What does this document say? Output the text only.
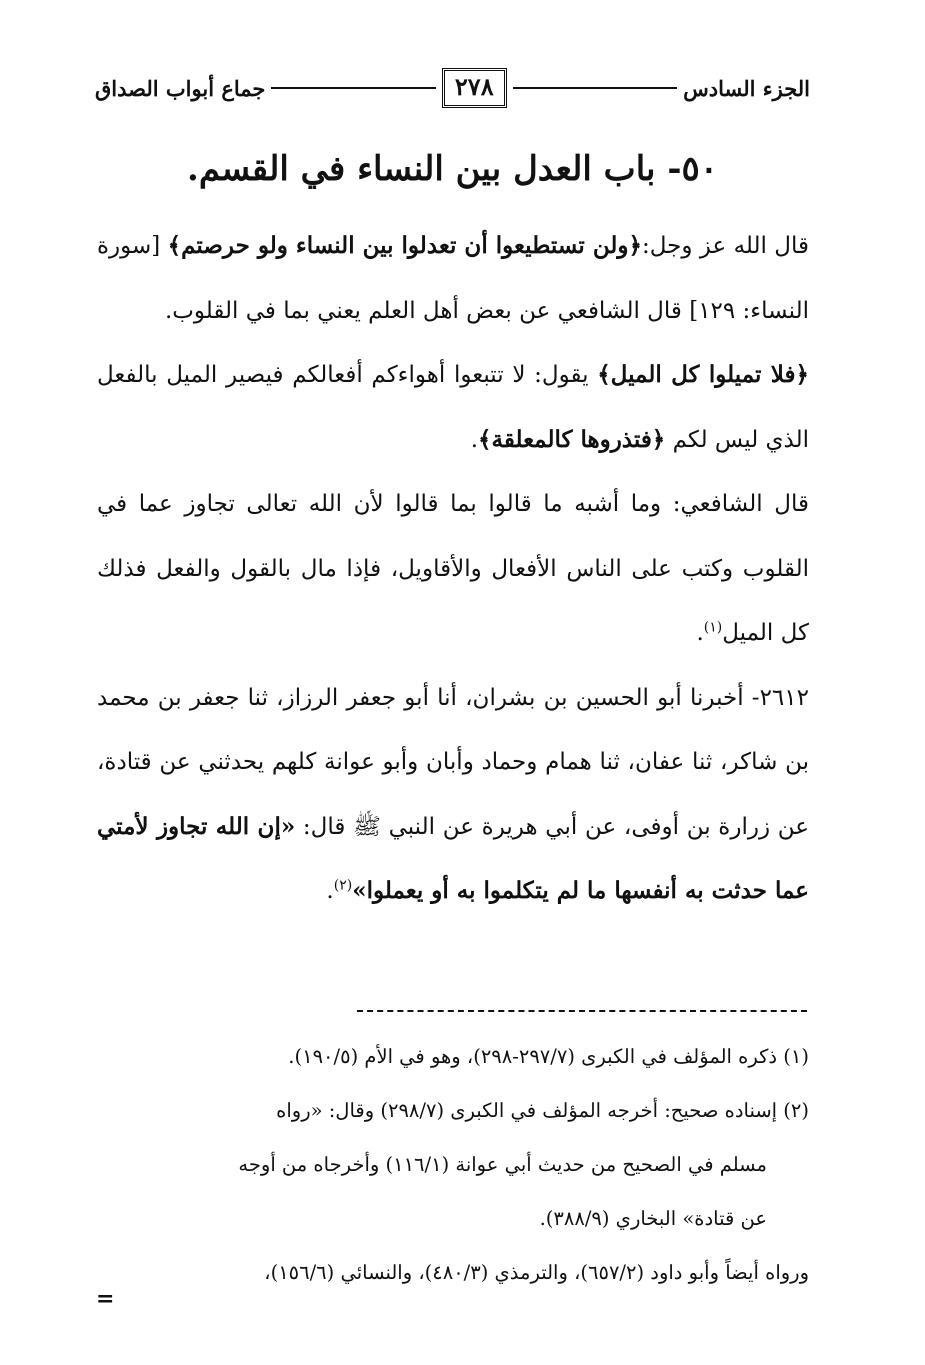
الجزء السادس
٢٧٨
جماع أبواب الصداق
٥٠- باب العدل بين النساء في القسم.

قال الله عز وجل:﴿ولن تستطيعوا أن تعدلوا بين النساء ولو حرصتم﴾ [سورة النساء: ١٢٩] قال الشافعي عن بعض أهل العلم يعني بما في القلوب.

﴿فلا تميلوا كل الميل﴾ يقول: لا تتبعوا أهواءكم أفعالكم فيصير الميل بالفعل الذي ليس لكم ﴿فتذروها كالمعلقة﴾.

قال الشافعي: وما أشبه ما قالوا بما قالوا لأن الله تعالى تجاوز عما في القلوب وكتب على الناس الأفعال والأقاويل، فإذا مال بالقول والفعل فذلك كل الميل$^{(١)}$.

٢٦١٢- أخبرنا أبو الحسين بن بشران، أنا أبو جعفر الرزاز، ثنا جعفر بن محمد بن شاكر، ثنا عفان، ثنا همام وحماد وأبان وأبو عوانة كلهم يحدثني عن قتادة، عن زرارة بن أوفى، عن أبي هريرة عن النبي ﷺ قال: «إن الله تجاوز لأمتي عما حدثت به أنفسها ما لم يتكلموا به أو يعملوا»$^{(٢)}$.

(١) ذكره المؤلف في الكبرى (٢٩٧/٧-٢٩٨)، وهو في الأم (١٩٠/٥).

(٢) إسناده صحيح: أخرجه المؤلف في الكبرى (٢٩٨/٧) وقال: «رواه

مسلم في الصحيح من حديث أبي عوانة (١١٦/١) وأخرجاه من أوجه

عن قتادة» البخاري (٣٨٨/٩).

ورواه أيضاً وأبو داود (٦٥٧/٢)، والترمذي (٤٨٠/٣)، والنسائي (١٥٦/٦)،

=
